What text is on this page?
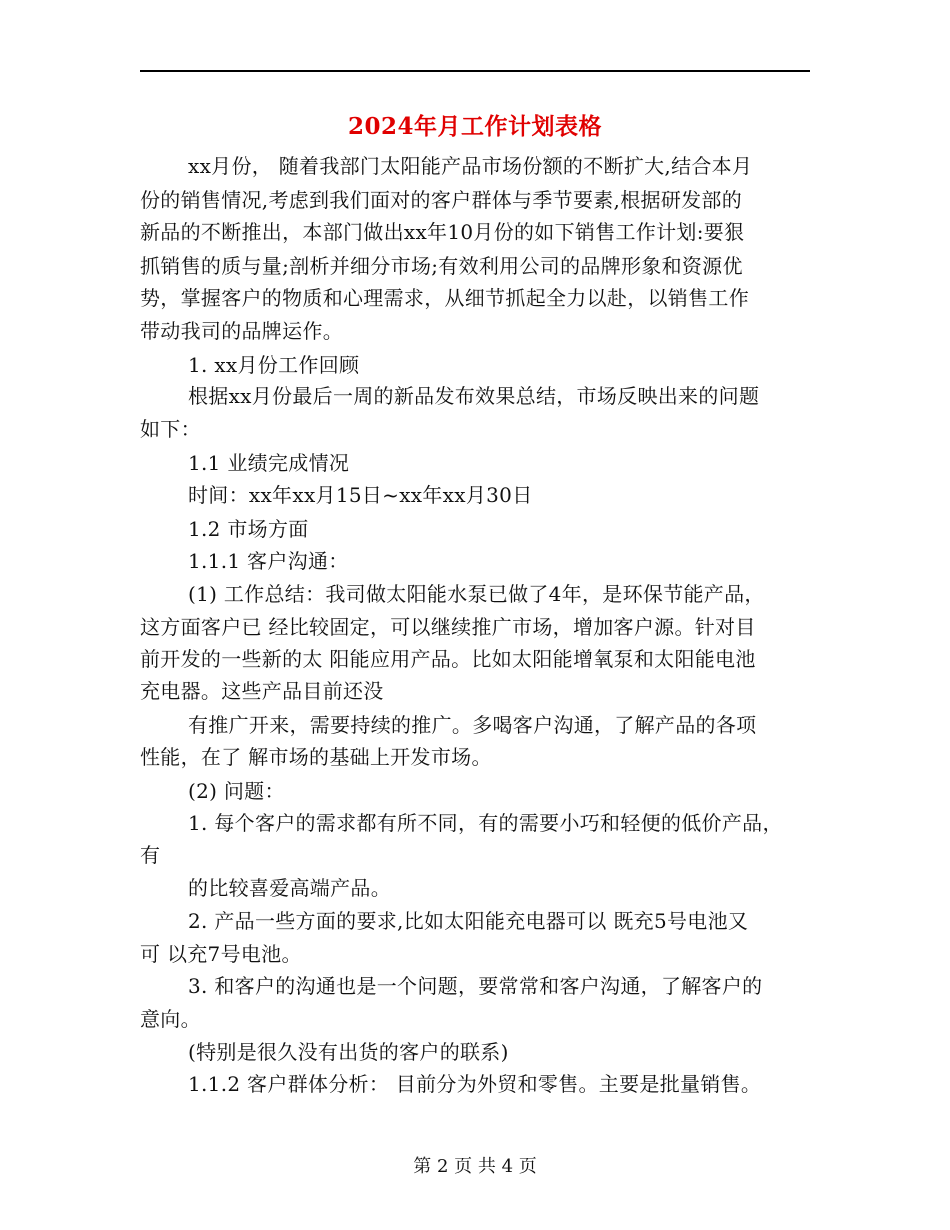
2024年月工作计划表格
xx月份， 随着我部门太阳能产品市场份额的不断扩大,结合本月
份的销售情况,考虑到我们面对的客户群体与季节要素,根据研发部的
新品的不断推出，本部门做出xx年10月份的如下销售工作计划:要狠
抓销售的质与量;剖析并细分市场;有效利用公司的品牌形象和资源优
势，掌握客户的物质和心理需求，从细节抓起全力以赴，以销售工作
带动我司的品牌运作。
1. xx月份工作回顾
根据xx月份最后一周的新品发布效果总结，市场反映出来的问题
如下：
1.1 业绩完成情况
时间：xx年xx月15日~xx年xx月30日
1.2 市场方面
1.1.1 客户沟通：
(1) 工作总结：我司做太阳能水泵已做了4年，是环保节能产品，
这方面客户已 经比较固定，可以继续推广市场，增加客户源。针对目
前开发的一些新的太 阳能应用产品。比如太阳能增氧泵和太阳能电池
充电器。这些产品目前还没
有推广开来，需要持续的推广。多喝客户沟通，了解产品的各项
性能，在了 解市场的基础上开发市场。
(2) 问题：
1. 每个客户的需求都有所不同，有的需要小巧和轻便的低价产品，
有
的比较喜爱高端产品。
2. 产品一些方面的要求,比如太阳能充电器可以 既充5号电池又
可 以充7号电池。
3. 和客户的沟通也是一个问题，要常常和客户沟通，了解客户的
意向。
(特别是很久没有出货的客户的联系)
1.1.2 客户群体分析： 目前分为外贸和零售。主要是批量销售。
第 2 页 共 4 页
